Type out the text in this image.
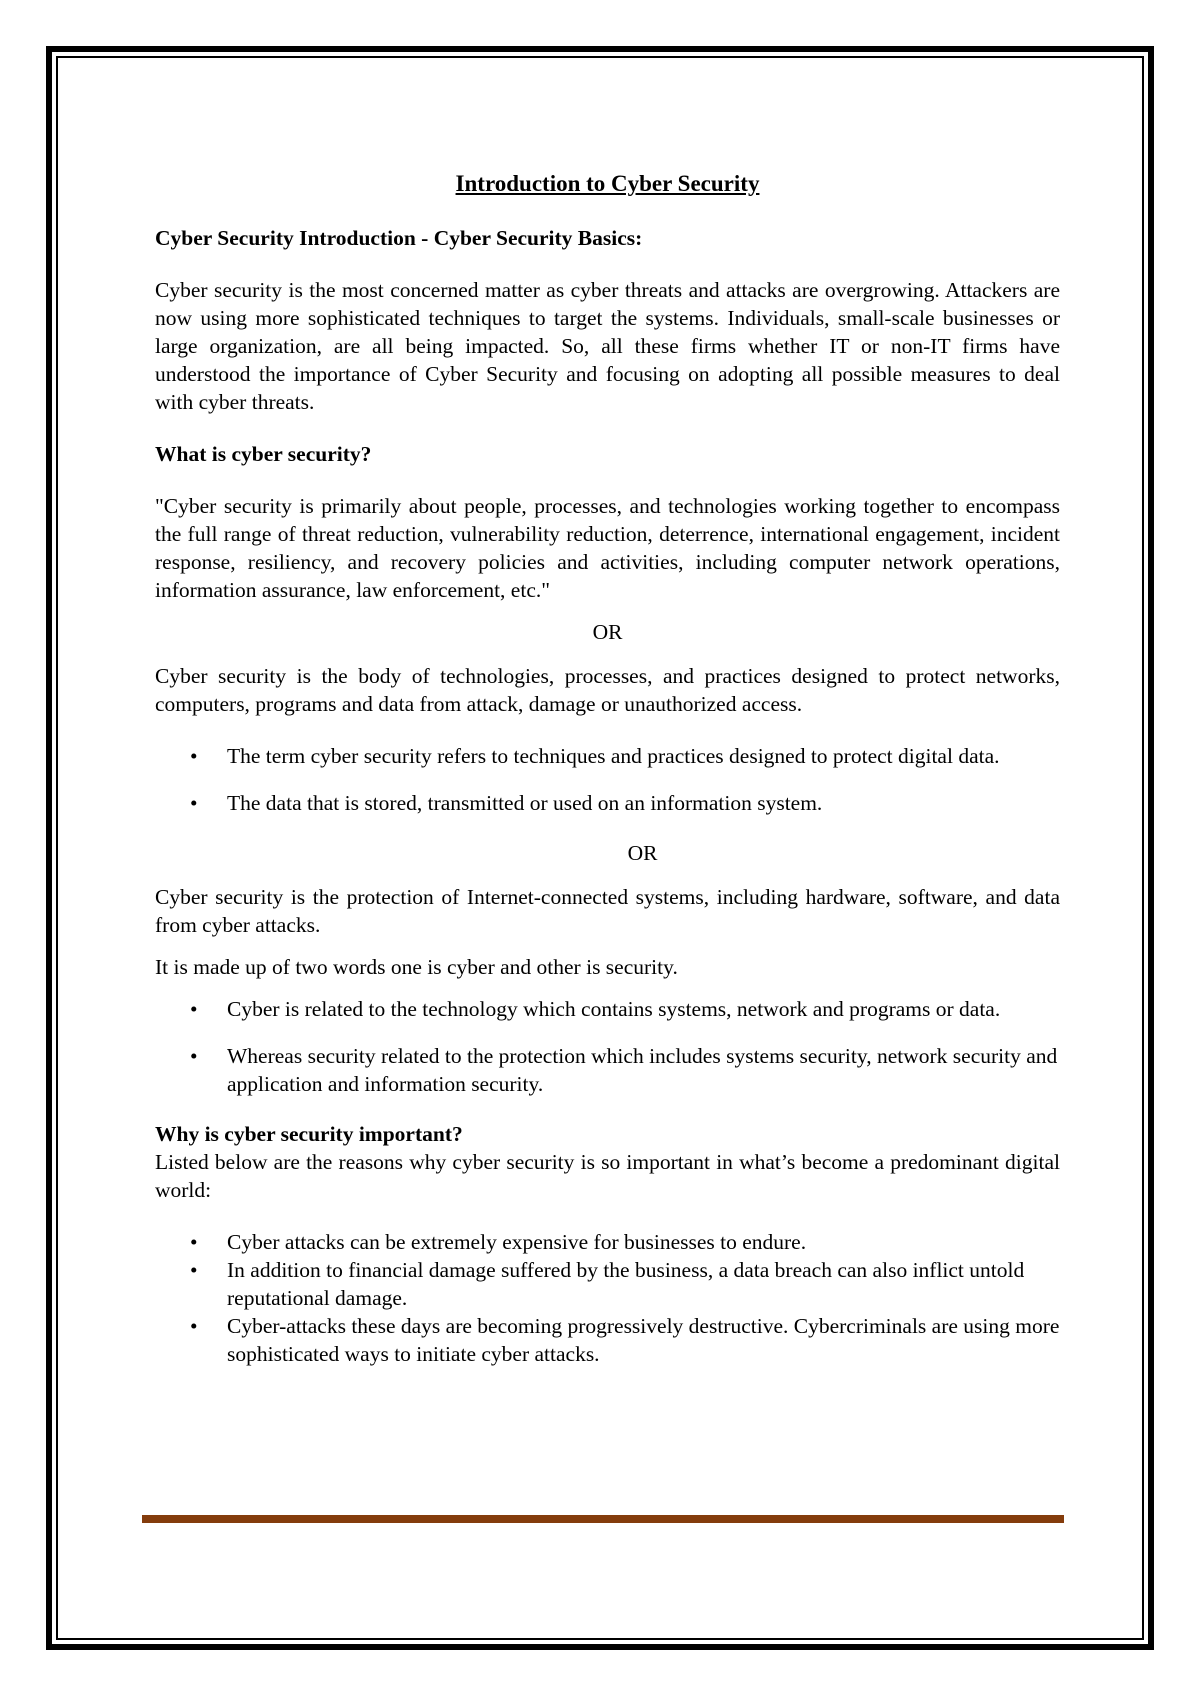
Introduction to Cyber Security
Cyber Security Introduction - Cyber Security Basics:

Cyber security is the most concerned matter as cyber threats and attacks are overgrowing. Attackers are now using more sophisticated techniques to target the systems. Individuals, small-scale businesses or large organization, are all being impacted. So, all these firms whether IT or non-IT firms have understood the importance of Cyber Security and focusing on adopting all possible measures to deal with cyber threats.

What is cyber security?

"Cyber security is primarily about people, processes, and technologies working together to encompass the full range of threat reduction, vulnerability reduction, deterrence, international engagement, incident response, resiliency, and recovery policies and activities, including computer network operations, information assurance, law enforcement, etc."

OR

Cyber security is the body of technologies, processes, and practices designed to protect networks, computers, programs and data from attack, damage or unauthorized access.

• The term cyber security refers to techniques and practices designed to protect digital data.
• The data that is stored, transmitted or used on an information system.

OR

Cyber security is the protection of Internet-connected systems, including hardware, software, and data from cyber attacks.

It is made up of two words one is cyber and other is security.

• Cyber is related to the technology which contains systems, network and programs or data.
• Whereas security related to the protection which includes systems security, network security and application and information security.
Why is cyber security important?

Listed below are the reasons why cyber security is so important in what’s become a predominant digital world:

• Cyber attacks can be extremely expensive for businesses to endure.
• In addition to financial damage suffered by the business, a data breach can also inflict untold reputational damage.
• Cyber-attacks these days are becoming progressively destructive. Cybercriminals are using more sophisticated ways to initiate cyber attacks.
